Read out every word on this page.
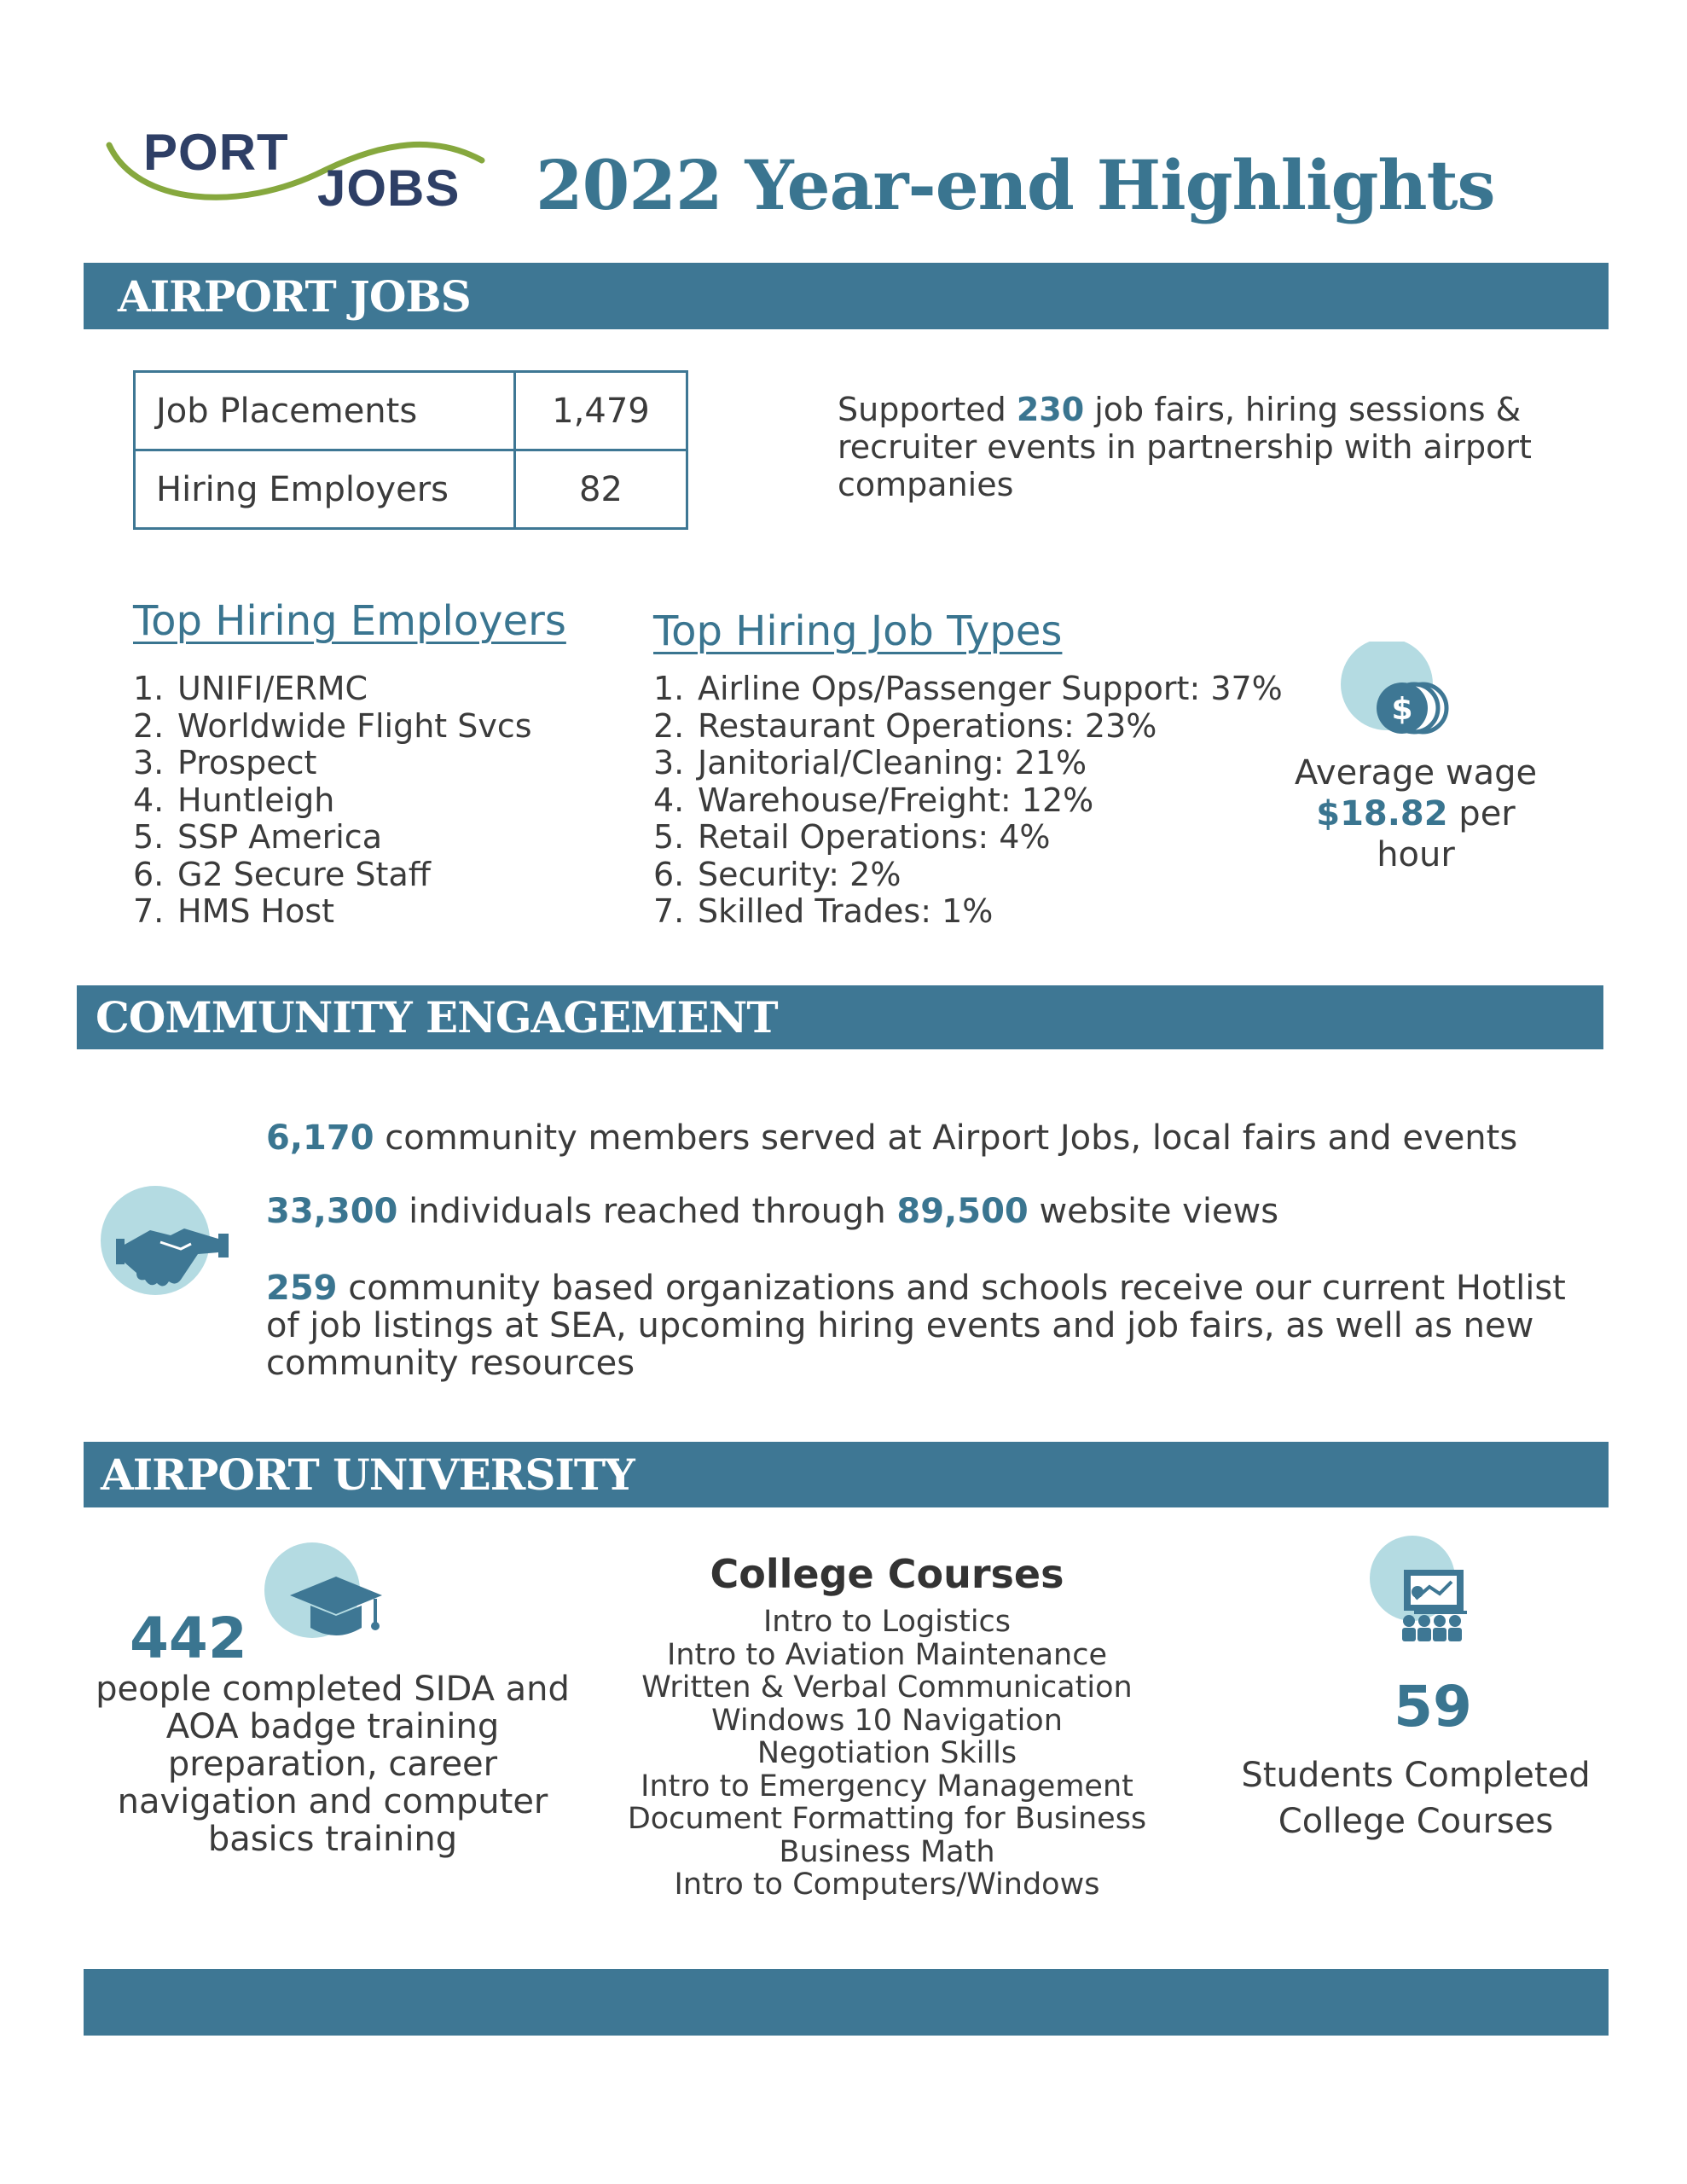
PORT
JOBS 2022 Year-end Highlights
AIRPORT JOBS
Job Placements	1,479
Hiring Employers	82
Supported 230 job fairs, hiring sessions & recruiter events in partnership with airport companies
Top Hiring Employers
1. UNIFI/ERMC
2. Worldwide Flight Svcs
3. Prospect
4. Huntleigh
5. SSP America
6. G2 Secure Staff
7. HMS Host
Top Hiring Job Types
1. Airline Ops/Passenger Support: 37%
2. Restaurant Operations: 23%
3. Janitorial/Cleaning: 21%
4. Warehouse/Freight: 12%
5. Retail Operations: 4%
6. Security: 2%
7. Skilled Trades: 1%
$
Average wage
$18.82 per hour
COMMUNITY ENGAGEMENT
6,170 community members served at Airport Jobs, local fairs and events
33,300 individuals reached through 89,500 website views
259 community based organizations and schools receive our current Hotlist of job listings at SEA, upcoming hiring events and job fairs, as well as new community resources
AIRPORT UNIVERSITY
442
people completed SIDA and AOA badge training preparation, career navigation and computer basics training
College Courses
Intro to Logistics
Intro to Aviation Maintenance
Written & Verbal Communication
Windows 10 Navigation
Negotiation Skills
Intro to Emergency Management
Document Formatting for Business
Business Math
Intro to Computers/Windows
59
Students Completed College Courses
